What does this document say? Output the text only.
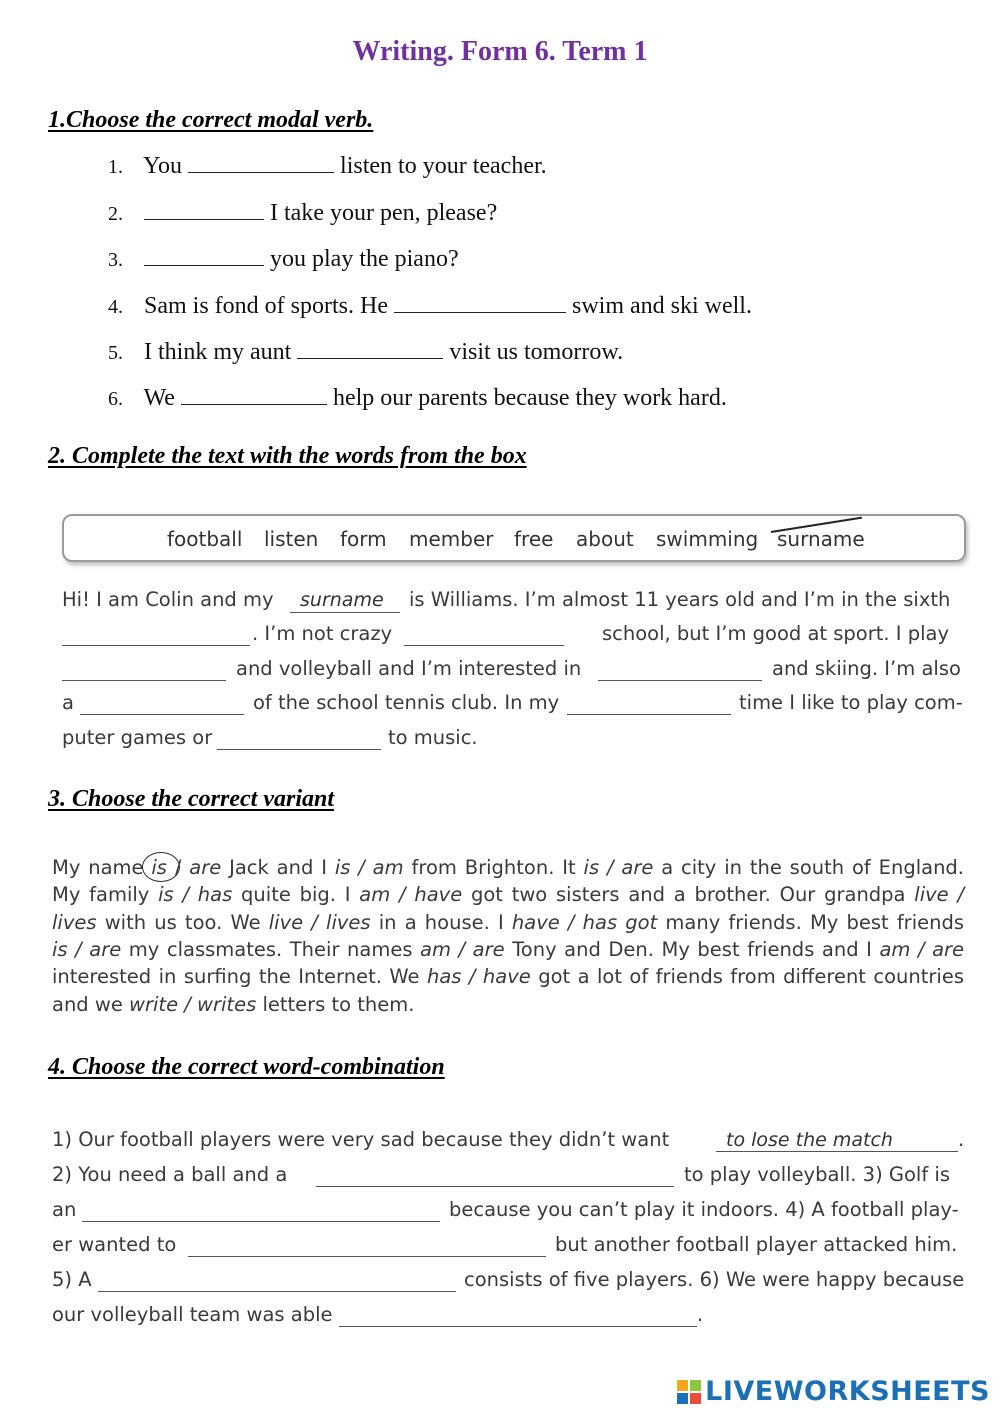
Writing. Form 6. Term 1
1.Choose the correct modal verb.
1. You	listen to your teacher.
2.	I take your pen, please?
3.	you play the piano?
4. Sam is fond of sports. He	swim and ski well.
5. I think my aunt	visit us tomorrow.
6. We	help our parents because they work hard.
2. Complete the text with the words from the box
football listen form member free about swimming surname
Hi! I am Colin and my surname is Williams. I’m almost 11 years old and I’m in the sixth
. I’m not crazy	school, but I’m good at sport. I play
and volleyball and I’m interested in	and skiing. I’m also
a	of the school tennis club. In my	time I like to play com-
puter games or	to music.
3. Choose the correct variant
My name is / are Jack and I is / am from Brighton. It is / are a city in the south of England.
My family is / has quite big. I am / have got two sisters and a brother. Our grandpa live /
lives with us too. We live / lives in a house. I have / has got many friends. My best friends
is / are my classmates. Their names am / are Tony and Den. My best friends and I am / are
interested in surfing the Internet. We has / have got a lot of friends from different countries
and we write / writes letters to them.
4. Choose the correct word-combination
1) Our football players were very sad because they didn’t want	to lose the match	.
2) You need a ball and a	to play volleyball. 3) Golf is
an	because you can’t play it indoors. 4) A football play-
er wanted to	but another football player attacked him.
5) A	consists of five players. 6) We were happy because
our volleyball team was able	.
LIVEWORKSHEETS
